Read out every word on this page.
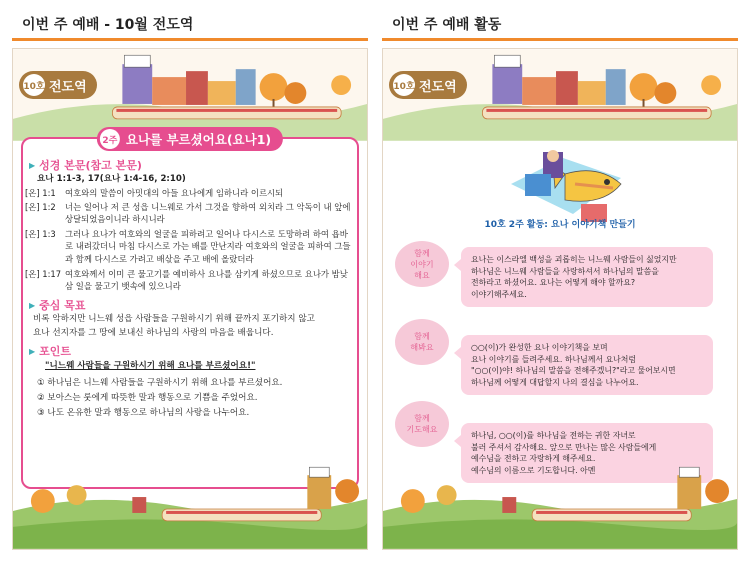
이번 주 예배 - 10월 전도역	이번 주 예배 활동
10호 전도역
2주 요나를 부르셨어요(요나1)
▶ 성경 본문(참고 본문)
요나 1:1-3, 17(요나 1:4-16, 2:10)
[온] 1:1	여호와의 말씀이 아밋대의 아들 요나에게 임하니라 이르시되
[온] 1:2	너는 일어나 저 큰 성읍 니느웨로 가서 그것을 향하여 외치라 그 악독이 내 앞에 상달되었음이니라 하시니라
[온] 1:3	그러나 요나가 여호와의 얼굴을 피하려고 일어나 다시스로 도망하려 하여 욥바로 내려갔더니 마침 다시스로 가는 배를 만난지라 여호와의 얼굴을 피하여 그들과 함께 다시스로 가려고 배삯을 주고 배에 올랐더라
[온] 1:17 여호와께서 이미 큰 물고기를 예비하사 요나를 삼키게 하셨으므로 요나가 밤낮 삼 일을 물고기 뱃속에 있으니라
▶ 중심 목표
비록 악하지만 니느웨 성읍 사람들을 구원하시기 위해 끝까지 포기하지 않고
요나 선지자를 그 땅에 보내신 하나님의 사랑의 마음을 배웁니다.
▶ 포인트
"니느웨 사람들을 구원하시기 위해 요나를 부르셨어요!"
① 하나님은 니느웨 사람들을 구원하시기 위해 요나를 부르셨어요.
② 보아스는 룻에게 따뜻한 말과 행동으로 기쁨을 주었어요.
③ 나도 온유한 말과 행동으로 하나님의 사랑을 나누어요.
10호 전도역
10호 2주 활동: 요나 이야기책 만들기
함께
이야기
해요
요나는 이스라엘 백성을 괴롭히는 니느웨 사람들이 싫었지만
하나님은 니느웨 사람들을 사랑하셔서 하나님의 말씀을
전하라고 하셨어요. 요나는 어떻게 해야 할까요?
이야기해주세요.
함께
해봐요	○○(이)가 완성한 요나 이야기책을 보며
요나 이야기를 들려주세요. 하나님께서 요나처럼
"○○(이)야! 하나님의 말씀을 전해주겠니?"라고 물어보시면
하나님께 어떻게 대답할지 나의 결심을 나누어요.
함께
기도해요
하나님, ○○(이)를 하나님을 전하는 귀한 자녀로
불러 주셔서 감사해요. 앞으로 만나는 많은 사람들에게
예수님을 전하고 자랑하게 해주세요.
예수님의 이름으로 기도합니다. 아멘
